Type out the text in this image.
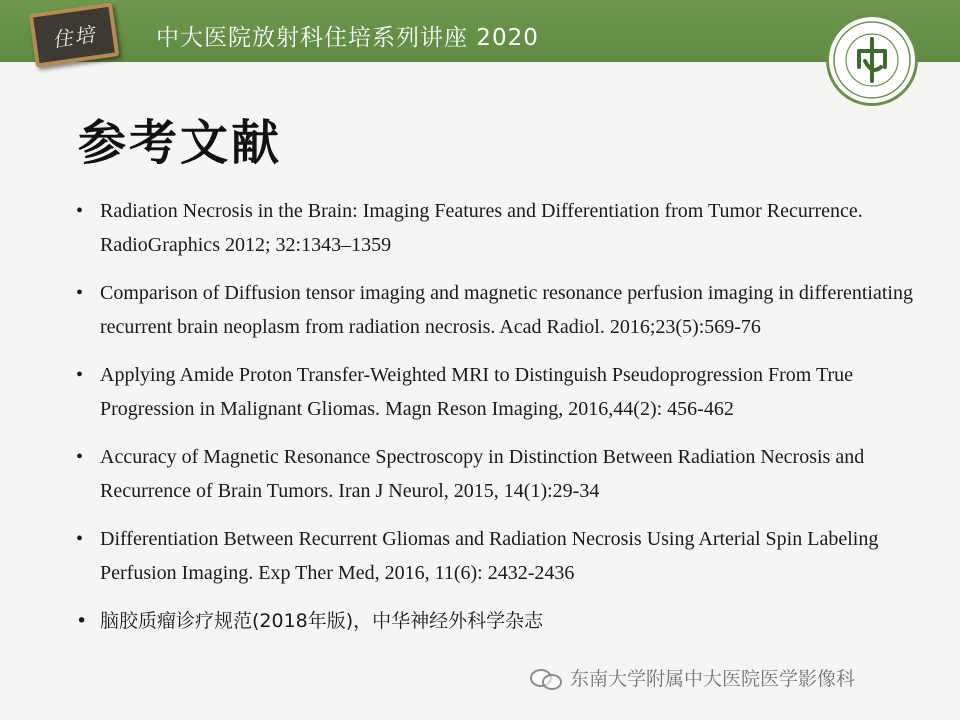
住培	中大医院放射科住培系列讲座 2020
参考文献
• Radiation Necrosis in the Brain: Imaging Features and Differentiation from Tumor Recurrence. RadioGraphics 2012; 32:1343–1359
• Comparison of Diffusion tensor imaging and magnetic resonance perfusion imaging in differentiating recurrent brain neoplasm from radiation necrosis. Acad Radiol. 2016;23(5):569-76
• Applying Amide Proton Transfer-Weighted MRI to Distinguish Pseudoprogression From True Progression in Malignant Gliomas. Magn Reson Imaging, 2016,44(2): 456-462
• Accuracy of Magnetic Resonance Spectroscopy in Distinction Between Radiation Necrosis and Recurrence of Brain Tumors. Iran J Neurol, 2015, 14(1):29-34
• Differentiation Between Recurrent Gliomas and Radiation Necrosis Using Arterial Spin Labeling Perfusion Imaging. Exp Ther Med, 2016, 11(6): 2432-2436
• 脑胶质瘤诊疗规范(2018年版)，中华神经外科学杂志
东南大学附属中大医院医学影像科
